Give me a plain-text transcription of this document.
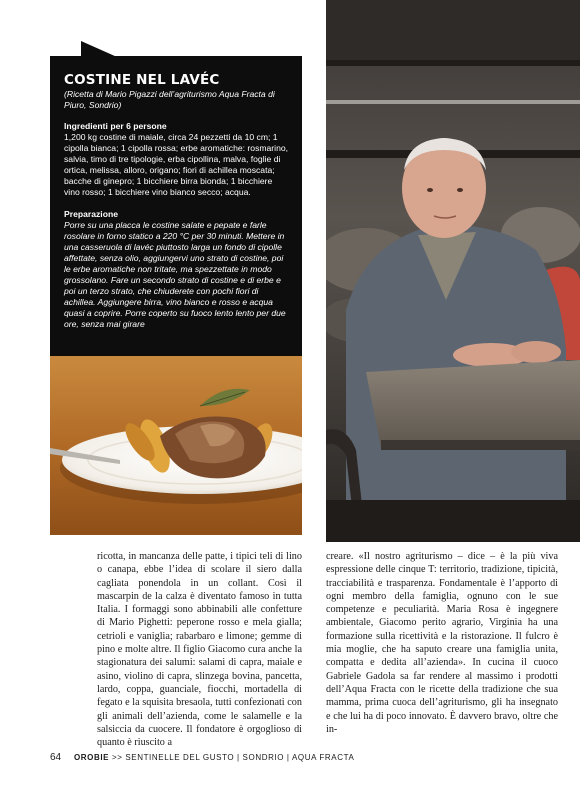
COSTINE NEL LAVÉC
(Ricetta di Mario Pigazzi dell’agriturismo Aqua Fracta di Piuro, Sondrio)
Ingredienti per 6 persone
1,200 kg costine di maiale, circa 24 pezzetti da 10 cm; 1 cipolla bianca; 1 cipolla rossa; erbe aromatiche: rosmarino, salvia, timo di tre tipologie, erba cipollina, malva, foglie di ortica, melissa, alloro, origano; fiori di achillea moscata; bacche di ginepro; 1 bicchiere birra bionda; 1 bicchiere vino rosso; 1 bicchiere vino bianco secco; acqua.
Preparazione
Porre su una placca le costine salate e pepate e farle rosolare in forno statico a 220 °C per 30 minuti. Mettere in una casseruola di lavéc piuttosto larga un fondo di cipolle affettate, senza olio, aggiungervi uno strato di costine, poi le erbe aromatiche non tritate, ma spezzettate in modo grossolano. Fare un secondo strato di costine e di erbe e poi un terzo strato, che chiuderete con pochi fiori di achillea. Aggiungere birra, vino bianco e rosso e acqua quasi a coprire. Porre coperto su fuoco lento lento per due ore, senza mai girare

ricotta, in mancanza delle patte, i tipici teli di lino o canapa, ebbe l’idea di scolare il siero dalla cagliata ponendola in un collant. Così il mascarpin de la calza è diventato famoso in tutta Italia. I formaggi sono abbinabili alle confetture di Mario Pighetti: peperone rosso e mela gialla; cetrioli e vaniglia; rabarbaro e limone; gemme di pino e molte altre. Il figlio Giacomo cura anche la stagionatura dei salumi: salami di capra, maiale e asino, violino di capra, slinzega bovina, pancetta, lardo, coppa, guanciale, fiocchi, mortadella di fegato e la squisita bresaola, tutti confezionati con gli animali dell’azienda, come le salamelle e la salsiccia da cuocere. Il fondatore è orgoglioso di quanto è riuscito a

creare. «Il nostro agriturismo – dice – è la più viva espressione delle cinque T: territorio, tradizione, tipicità, tracciabilità e trasparenza. Fondamentale è l’apporto di ogni membro della famiglia, ognuno con le sue competenze e peculiarità. Maria Rosa è ingegnere ambientale, Giacomo perito agrario, Virginia ha una formazione sulla ricettività e la ristorazione. Il fulcro è mia moglie, che ha saputo creare una famiglia unita, compatta e dedita all’azienda». In cucina il cuoco Gabriele Gadola sa far rendere al massimo i prodotti dell’Aqua Fracta con le ricette della tradizione che sua mamma, prima cuoca dell’agriturismo, gli ha insegnato e che lui ha di poco innovato. È davvero bravo, oltre che in-

64 OROBIE >> SENTINELLE DEL GUSTO | SONDRIO | AQUA FRACTA
